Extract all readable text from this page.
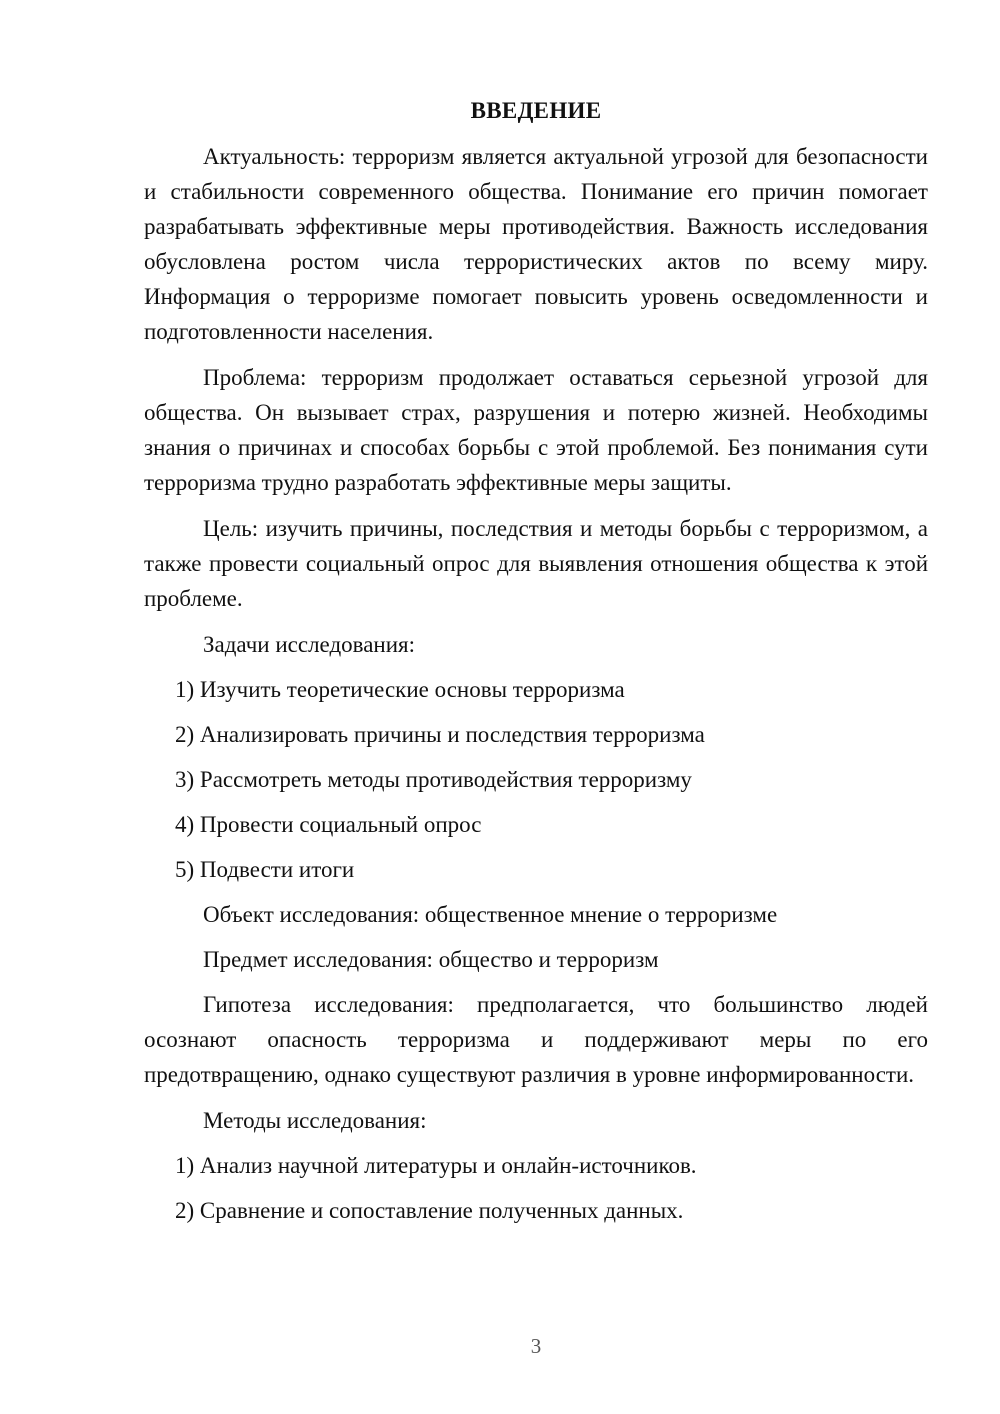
ВВЕДЕНИЕ

Актуальность: терроризм является актуальной угрозой для безопасности и стабильности современного общества. Понимание его причин помогает разрабатывать эффективные меры противодействия. Важность исследования обусловлена ростом числа террористических актов по всему миру. Информация о терроризме помогает повысить уровень осведомленности и подготовленности населения.

Проблема: терроризм продолжает оставаться серьезной угрозой для общества. Он вызывает страх, разрушения и потерю жизней. Необходимы знания о причинах и способах борьбы с этой проблемой. Без понимания сути терроризма трудно разработать эффективные меры защиты.

Цель: изучить причины, последствия и методы борьбы с терроризмом, а также провести социальный опрос для выявления отношения общества к этой проблеме.

Задачи исследования:
1) Изучить теоретические основы терроризма
2) Анализировать причины и последствия терроризма
3) Рассмотреть методы противодействия терроризму
4) Провести социальный опрос
5) Подвести итоги
Объект исследования: общественное мнение о терроризме
Предмет исследования: общество и терроризм

Гипотеза исследования: предполагается, что большинство людей осознают опасность терроризма и поддерживают меры по его предотвращению, однако существуют различия в уровне информированности.

Методы исследования:
1) Анализ научной литературы и онлайн-источников.
2) Сравнение и сопоставление полученных данных.
3
